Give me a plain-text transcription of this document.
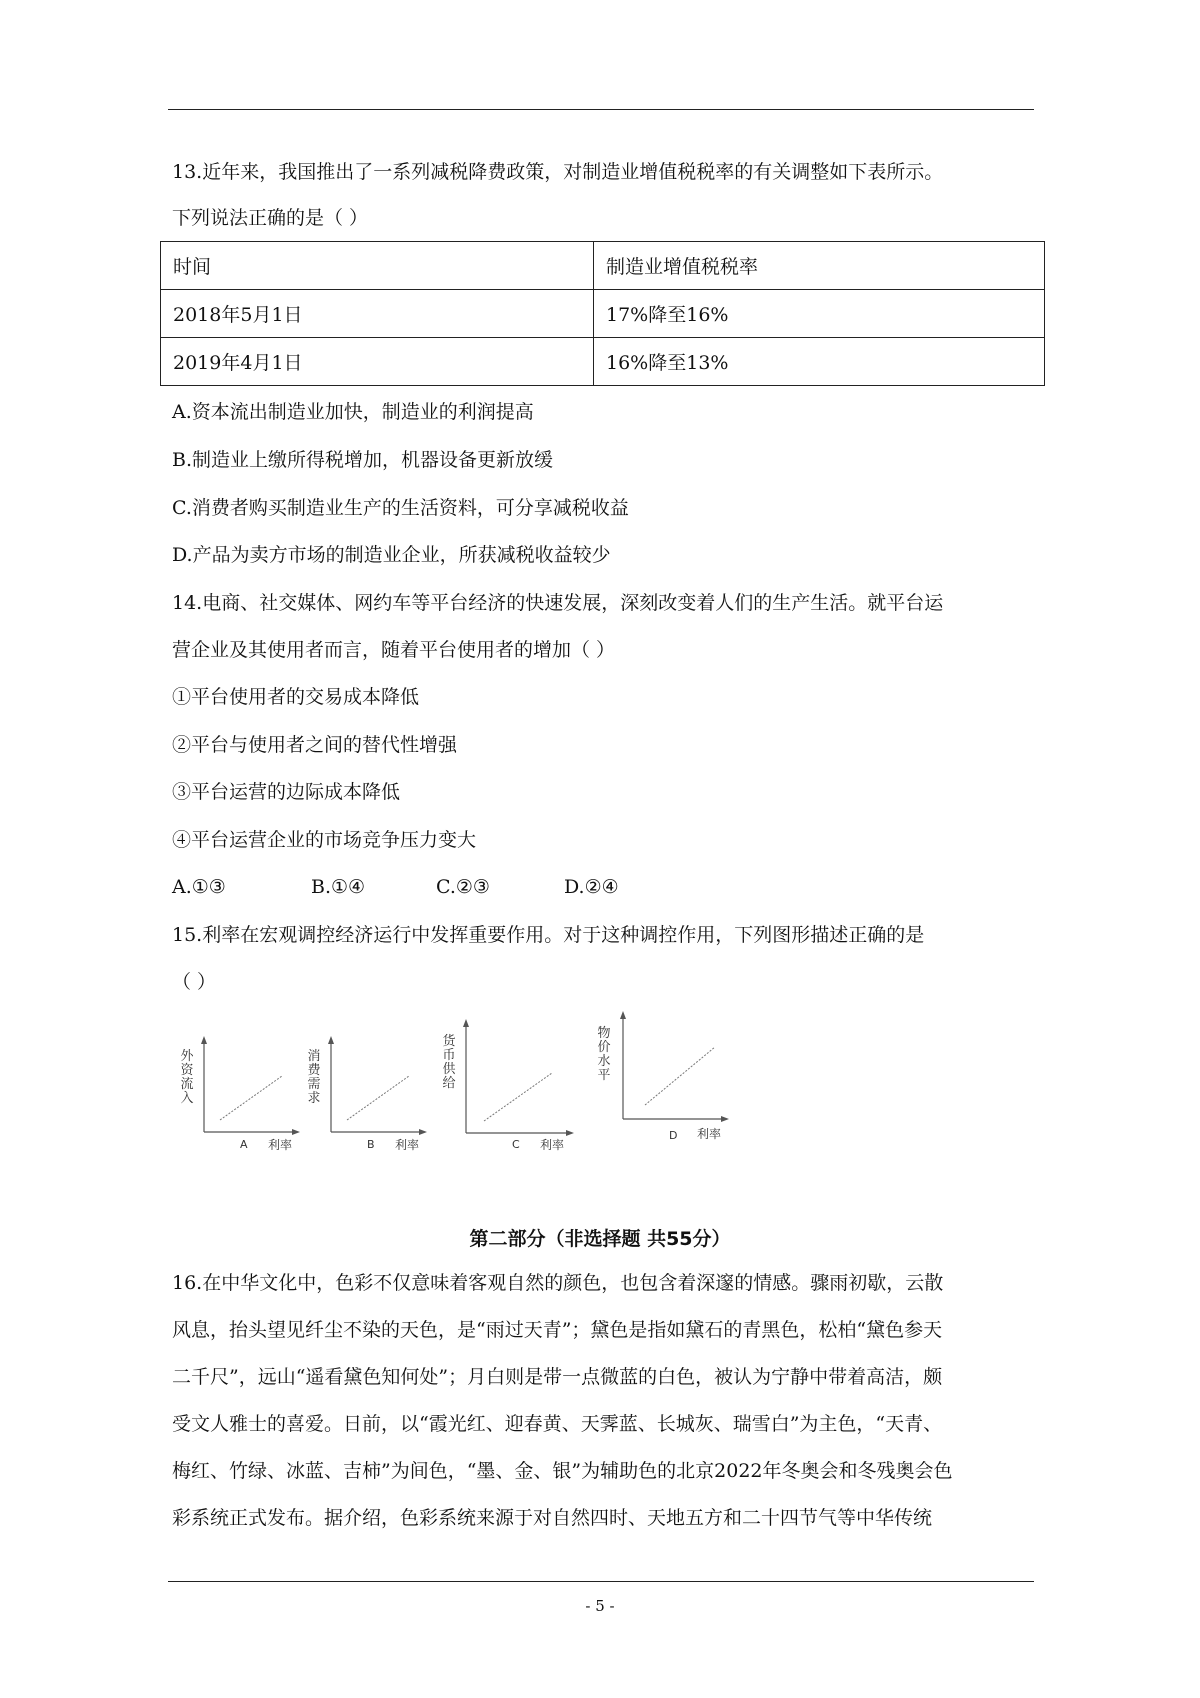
13.近年来，我国推出了一系列减税降费政策，对制造业增值税税率的有关调整如下表所示。
下列说法正确的是（ ）
时间	制造业增值税税率
2018年5月1日	17%降至16%
2019年4月1日	16%降至13%
A.资本流出制造业加快，制造业的利润提高
B.制造业上缴所得税增加，机器设备更新放缓
C.消费者购买制造业生产的生活资料，可分享减税收益
D.产品为卖方市场的制造业企业，所获减税收益较少
14.电商、社交媒体、网约车等平台经济的快速发展，深刻改变着人们的生产生活。就平台运
营企业及其使用者而言，随着平台使用者的增加（ ）
①平台使用者的交易成本降低
②平台与使用者之间的替代性增强
③平台运营的边际成本降低
④平台运营企业的市场竞争压力变大
A.①③	B.①④	C.②③	D.②④
15.利率在宏观调控经济运行中发挥重要作用。对于这种调控作用，下列图形描述正确的是
（ ）
外资流入
A 利率
消费需求
B 利率
货币供给
C 利率
物价水平
D 利率
第二部分（非选择题 共55分）
16.在中华文化中，色彩不仅意味着客观自然的颜色，也包含着深邃的情感。骤雨初歇，云散
风息，抬头望见纤尘不染的天色，是“雨过天青”；黛色是指如黛石的青黑色，松柏“黛色参天
二千尺”，远山“遥看黛色知何处”；月白则是带一点微蓝的白色，被认为宁静中带着高洁，颇
受文人雅士的喜爱。日前，以“霞光红、迎春黄、天霁蓝、长城灰、瑞雪白”为主色，“天青、
梅红、竹绿、冰蓝、吉柿”为间色，“墨、金、银”为辅助色的北京2022年冬奥会和冬残奥会色
彩系统正式发布。据介绍，色彩系统来源于对自然四时、天地五方和二十四节气等中华传统
- 5 -
